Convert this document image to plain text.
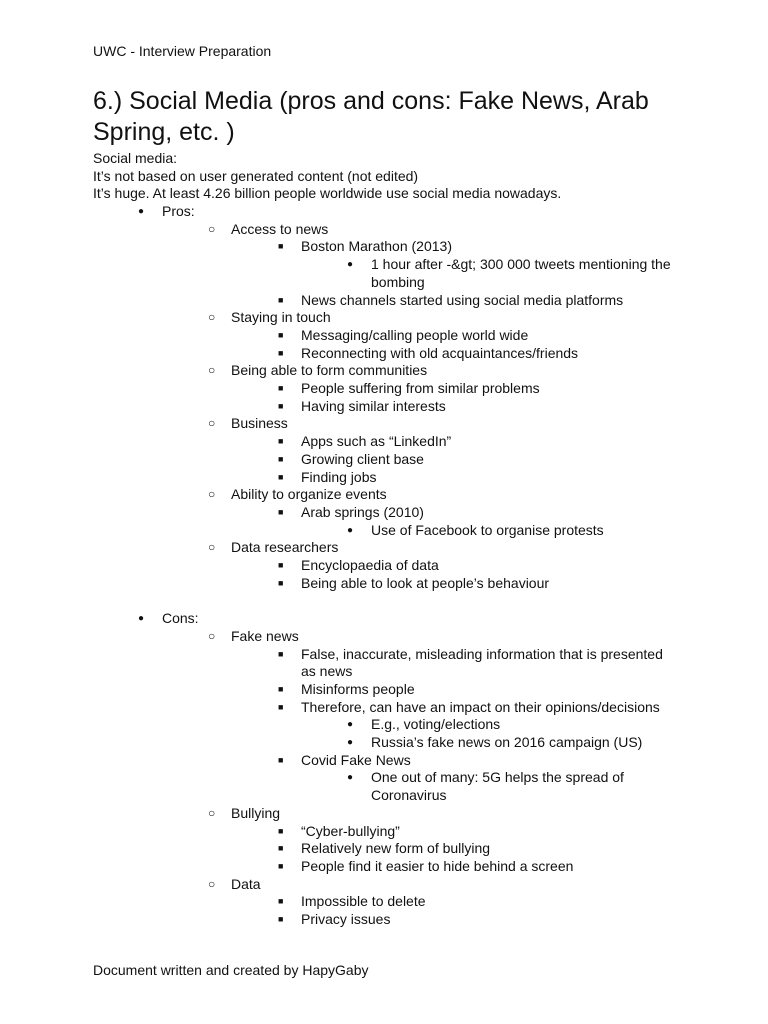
UWC - Interview Preparation
6.) Social Media (pros and cons: Fake News, Arab Spring, etc. )
Social media:
It’s not based on user generated content (not edited)
It’s huge. At least 4.26 billion people worldwide use social media nowadays.
● Pros:
○ Access to news
■ Boston Marathon (2013)
● 1 hour after -&gt; 300 000 tweets mentioning the
bombing
■ News channels started using social media platforms
○ Staying in touch
■ Messaging/calling people world wide
■ Reconnecting with old acquaintances/friends
○ Being able to form communities
■ People suffering from similar problems
■ Having similar interests
○ Business
■ Apps such as “LinkedIn”
■ Growing client base
■ Finding jobs
○ Ability to organize events
■ Arab springs (2010)
● Use of Facebook to organise protests
○ Data researchers
■ Encyclopaedia of data
■ Being able to look at people’s behaviour
● Cons:
○ Fake news
■ False, inaccurate, misleading information that is presented
as news
■ Misinforms people
■ Therefore, can have an impact on their opinions/decisions
● E.g., voting/elections
● Russia’s fake news on 2016 campaign (US)
■ Covid Fake News
● One out of many: 5G helps the spread of
Coronavirus
○ Bullying
■ “Cyber-bullying”
■ Relatively new form of bullying
■ People find it easier to hide behind a screen
○ Data
■ Impossible to delete
■ Privacy issues
Document written and created by HapyGaby
